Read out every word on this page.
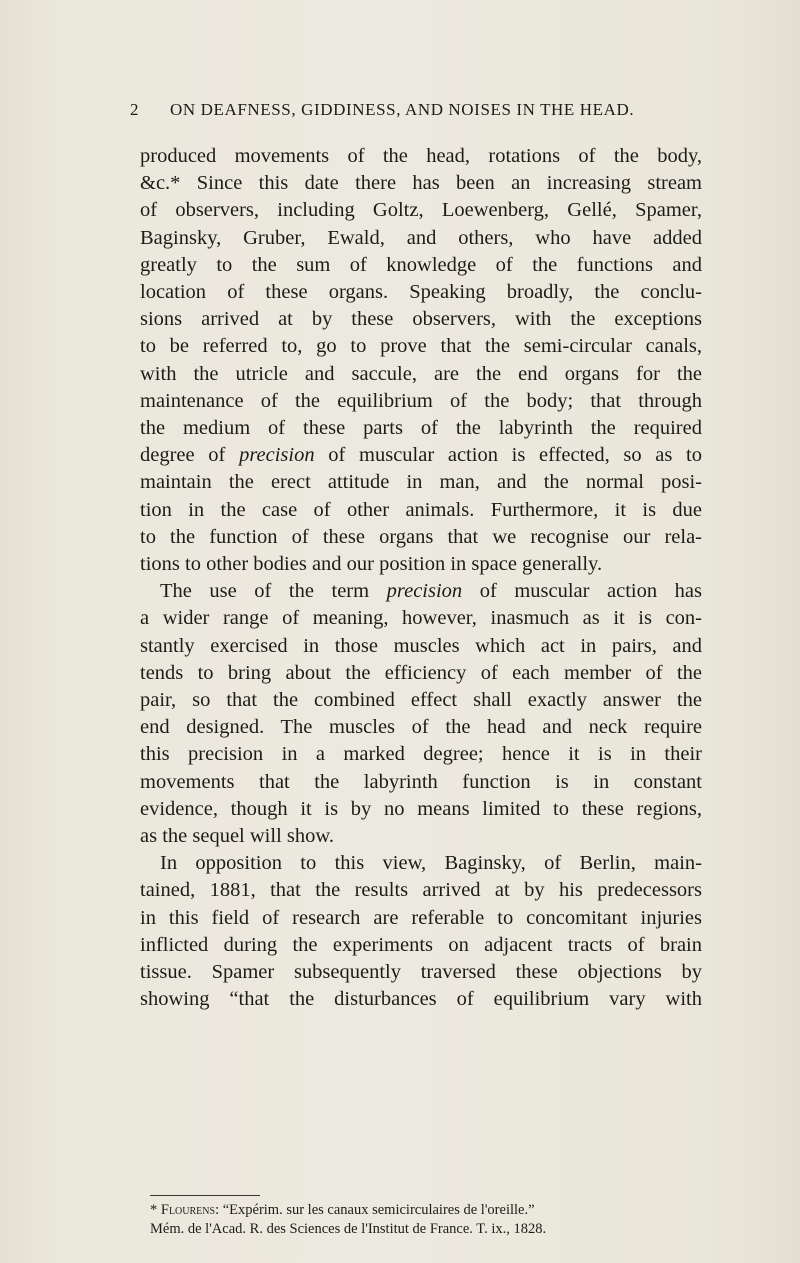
2 ON DEAFNESS, GIDDINESS, AND NOISES IN THE HEAD.
produced movements of the head, rotations of the body,
&c.* Since this date there has been an increasing stream
of observers, including Goltz, Loewenberg, Gellé, Spamer,
Baginsky, Gruber, Ewald, and others, who have added
greatly to the sum of knowledge of the functions and
location of these organs. Speaking broadly, the conclu-
sions arrived at by these observers, with the exceptions
to be referred to, go to prove that the semi-circular canals,
with the utricle and saccule, are the end organs for the
maintenance of the equilibrium of the body; that through
the medium of these parts of the labyrinth the required
degree of precision of muscular action is effected, so as to
maintain the erect attitude in man, and the normal posi-
tion in the case of other animals. Furthermore, it is due
to the function of these organs that we recognise our rela-
tions to other bodies and our position in space generally.
The use of the term precision of muscular action has
a wider range of meaning, however, inasmuch as it is con-
stantly exercised in those muscles which act in pairs, and
tends to bring about the efficiency of each member of the
pair, so that the combined effect shall exactly answer the
end designed. The muscles of the head and neck require
this precision in a marked degree; hence it is in their
movements that the labyrinth function is in constant
evidence, though it is by no means limited to these regions,
as the sequel will show.
In opposition to this view, Baginsky, of Berlin, main-
tained, 1881, that the results arrived at by his predecessors
in this field of research are referable to concomitant injuries
inflicted during the experiments on adjacent tracts of brain
tissue. Spamer subsequently traversed these objections by
showing “that the disturbances of equilibrium vary with
* Flourens: “Expérim. sur les canaux semicirculaires de l'oreille.”
Mém. de l'Acad. R. des Sciences de l'Institut de France. T. ix., 1828.
